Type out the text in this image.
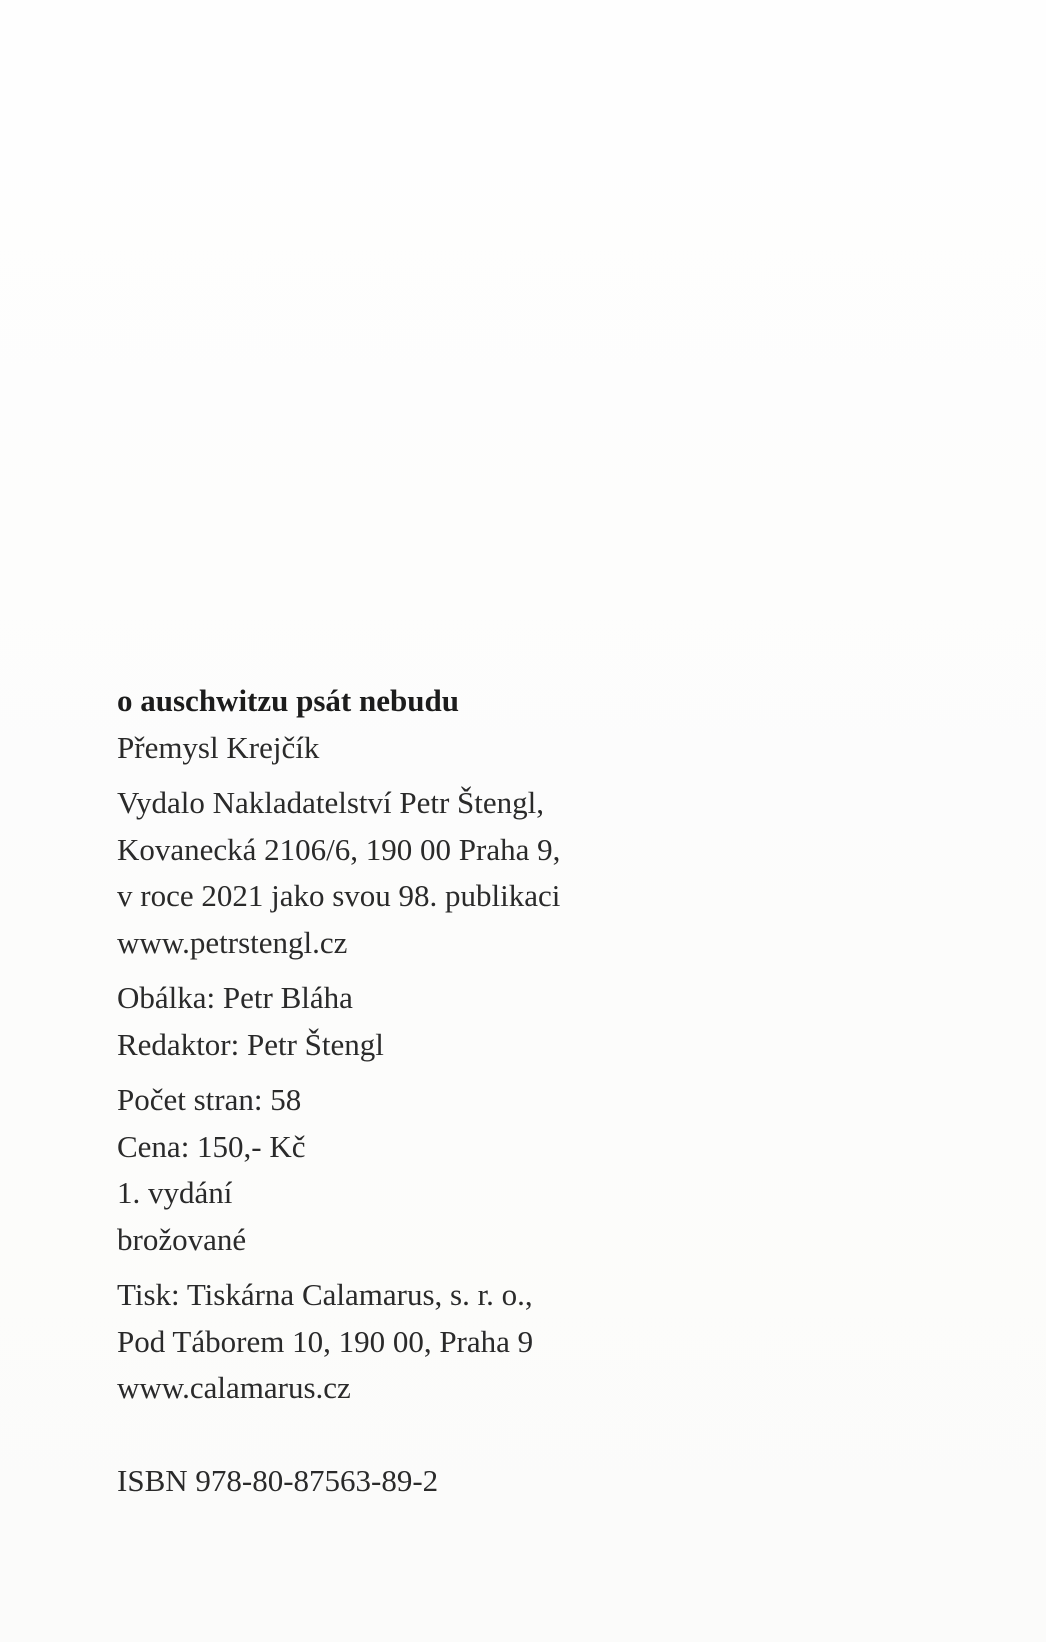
o auschwitzu psát nebudu
Přemysl Krejčík
Vydalo Nakladatelství Petr Štengl,
Kovanecká 2106/6, 190 00 Praha 9,
v roce 2021 jako svou 98. publikaci
www.petrstengl.cz
Obálka: Petr Bláha
Redaktor: Petr Štengl
Počet stran: 58
Cena: 150,- Kč
1. vydání
brožované
Tisk: Tiskárna Calamarus, s. r. o.,
Pod Táborem 10, 190 00, Praha 9
www.calamarus.cz
ISBN 978-80-87563-89-2
